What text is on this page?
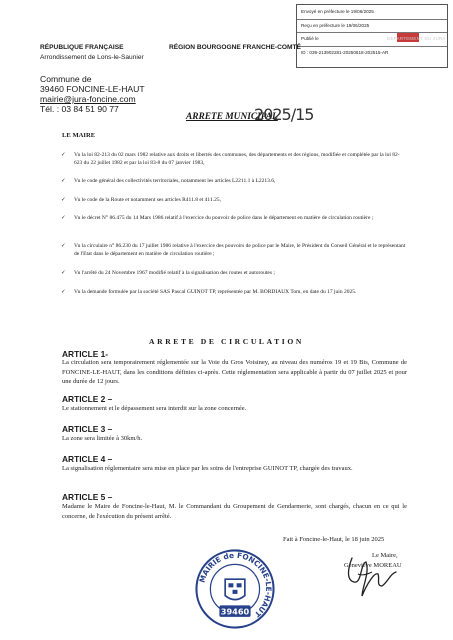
Envoyé en préfecture le 19/06/2025
Reçu en préfecture le 19/06/2025
Publié le	DEPARTEMENT DU JURA
ID : 039-213902281-20250618-202515-AR
RÉPUBLIQUE FRANÇAISE	RÉGION BOURGOGNE FRANCHE-COMTÉ
Arrondissement de Lons-le-Saunier
Commune de
39460 FONCINE-LE-HAUT
mairie@jura-foncine.com
Tél. : 03 84 51 90 77
ARRETE MUNICIPAL
2025/15
LE MAIRE
✓	Vu la loi 82-213 du 02 mars 1982 relative aux droits et libertés des communes, des départements et des régions, modifiée et complétée par la loi 82-623 du 22 juillet 1982 et par la loi 83-8 du 07 janvier 1983,
✓	Vu le code général des collectivités territoriales, notamment les articles L2211.1 à L2213.6,
✓	Vu le code de la Route et notamment ses articles R411.8 et 411.25,
✓	Vu le décret N° 86.475 du 14 Mars 1986 relatif à l'exercice du pouvoir de police dans le département en matière de circulation routière ;
✓	Vu la circulaire n° 86.230 du 17 juillet 1986 relative à l'exercice des pouvoirs de police par le Maire, le Président du Conseil Général et le représentant de l'Etat dans le département en matière de circulation routière ;
✓	Vu l'arrêté du 24 Novembre 1967 modifié relatif à la signalisation des routes et autoroutes ;
✓	Vu la demande formulée par la société SAS Pascal GUINOT TP, représentée par M. BORDIAUX Tom, en date du 17 juin 2025.
ARRETE DE CIRCULATION
ARTICLE 1-
La circulation sera temporairement réglementée sur la Voie du Gros Voisiney, au niveau des numéros 19 et 19 Bis, Commune de FONCINE-LE-HAUT, dans les conditions définies ci-après. Cette réglementation sera applicable à partir du 07 juillet 2025 et pour une durée de 12 jours.
ARTICLE 2 –
Le stationnement et le dépassement sera interdit sur la zone concernée.
ARTICLE 3 –
La zone sera limitée à 30km/h.
ARTICLE 4 –
La signalisation réglementaire sera mise en place par les soins de l'entreprise GUINOT TP, chargée des travaux.
ARTICLE 5 –
Madame le Maire de Foncine-le-Haut, M. le Commandant du Groupement de Gendarmerie, sont chargés, chacun en ce qui le concerne, de l'exécution du présent arrêté.
Fait à Foncine-le-Haut, le 18 juin 2025
Le Maire,
Geneviève MOREAU
MAIRIE de FONCINE-LE-HAUT
39460
